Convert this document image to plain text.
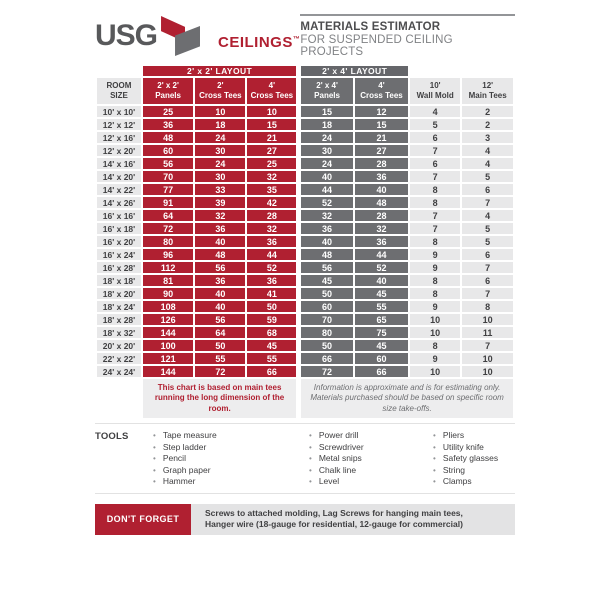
USG	CEILINGS™
MATERIALS ESTIMATOR
FOR SUSPENDED CEILING PROJECTS
	2' x 2' LAYOUT			2' x 4' LAYOUT			

ROOM
SIZE

2' x 2'
Panels

2'
Cross Tees

4'
Cross Tees

2' x 4'
Panels

4'
Cross Tees

10'
Wall Mold

12'
Main Tees

10' x 10'	25	10	10	15	12	4	2
12' x 12'	36	18	15	18	15	5	2
12' x 16'	48	24	21	24	21	6	3
12' x 20'	60	30	27	30	27	7	4
14' x 16'	56	24	25	24	28	6	4
14' x 20'	70	30	32	40	36	7	5
14' x 22'	77	33	35	44	40	8	6
14' x 26'	91	39	42	52	48	8	7
16' x 16'	64	32	28	32	28	7	4
16' x 18'	72	36	32	36	32	7	5
16' x 20'	80	40	36	40	36	8	5
16' x 24'	96	48	44	48	44	9	6
16' x 28'	112	56	52	56	52	9	7
18' x 18'	81	36	36	45	40	8	6
18' x 20'	90	40	41	50	45	8	7
18' x 24'	108	40	50	60	55	9	8
18' x 28'	126	56	59	70	65	10	10
18' x 32'	144	64	68	80	75	10	11
20' x 20'	100	50	45	50	45	8	7
22' x 22'	121	55	55	66	60	9	10
24' x 24'	144	72	66	72	66	10	10
	This chart is based on main tees running the long dimension of the room.			Information is approximate and is for estimating only. Materials purchased should be based on specific room size take-offs.			
TOOLS	• Tape measure
• Step ladder
• Pencil
• Graph paper
• Hammer
• Power drill
• Screwdriver
• Metal snips
• Chalk line
• Level
• Pliers
• Utility knife
• Safety glasses
• String
• Clamps
DON'T FORGET
Screws to attached molding, Lag Screws for hanging main tees,
Hanger wire (18-gauge for residential, 12-gauge for commercial)
